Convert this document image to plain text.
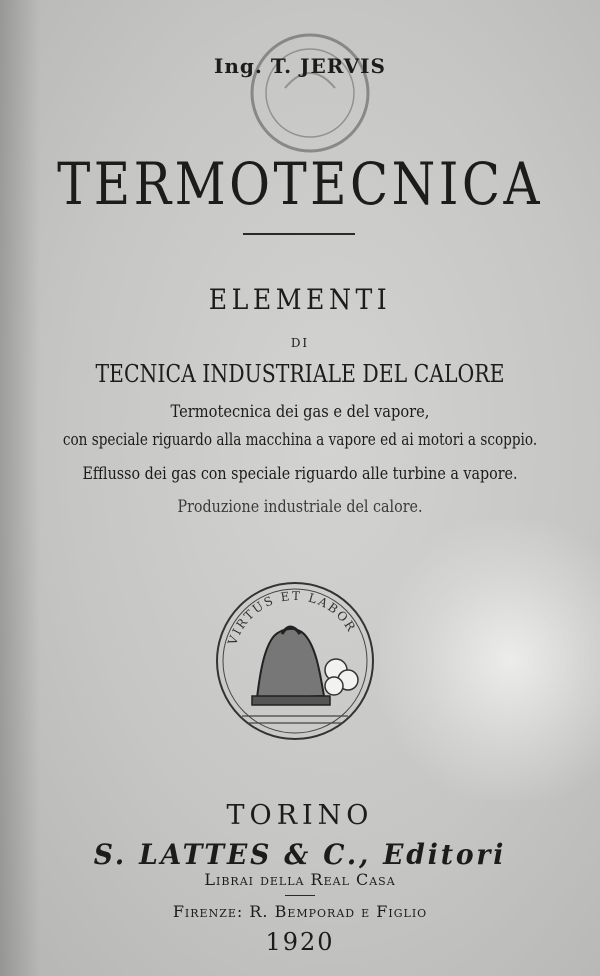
Ing. T. JERVIS
TERMOTECNICA
ELEMENTI
DI
TECNICA INDUSTRIALE DEL CALORE
Termotecnica dei gas e del vapore,
con speciale riguardo alla macchina a vapore ed ai motori a scoppio.
Efflusso dei gas con speciale riguardo alle turbine a vapore.
Produzione industriale del calore.
VIRTUS ET LABOR
TORINO
S. LATTES & C., Editori
Librai della Real Casa
Firenze: R. Bemporad e Figlio
1920
